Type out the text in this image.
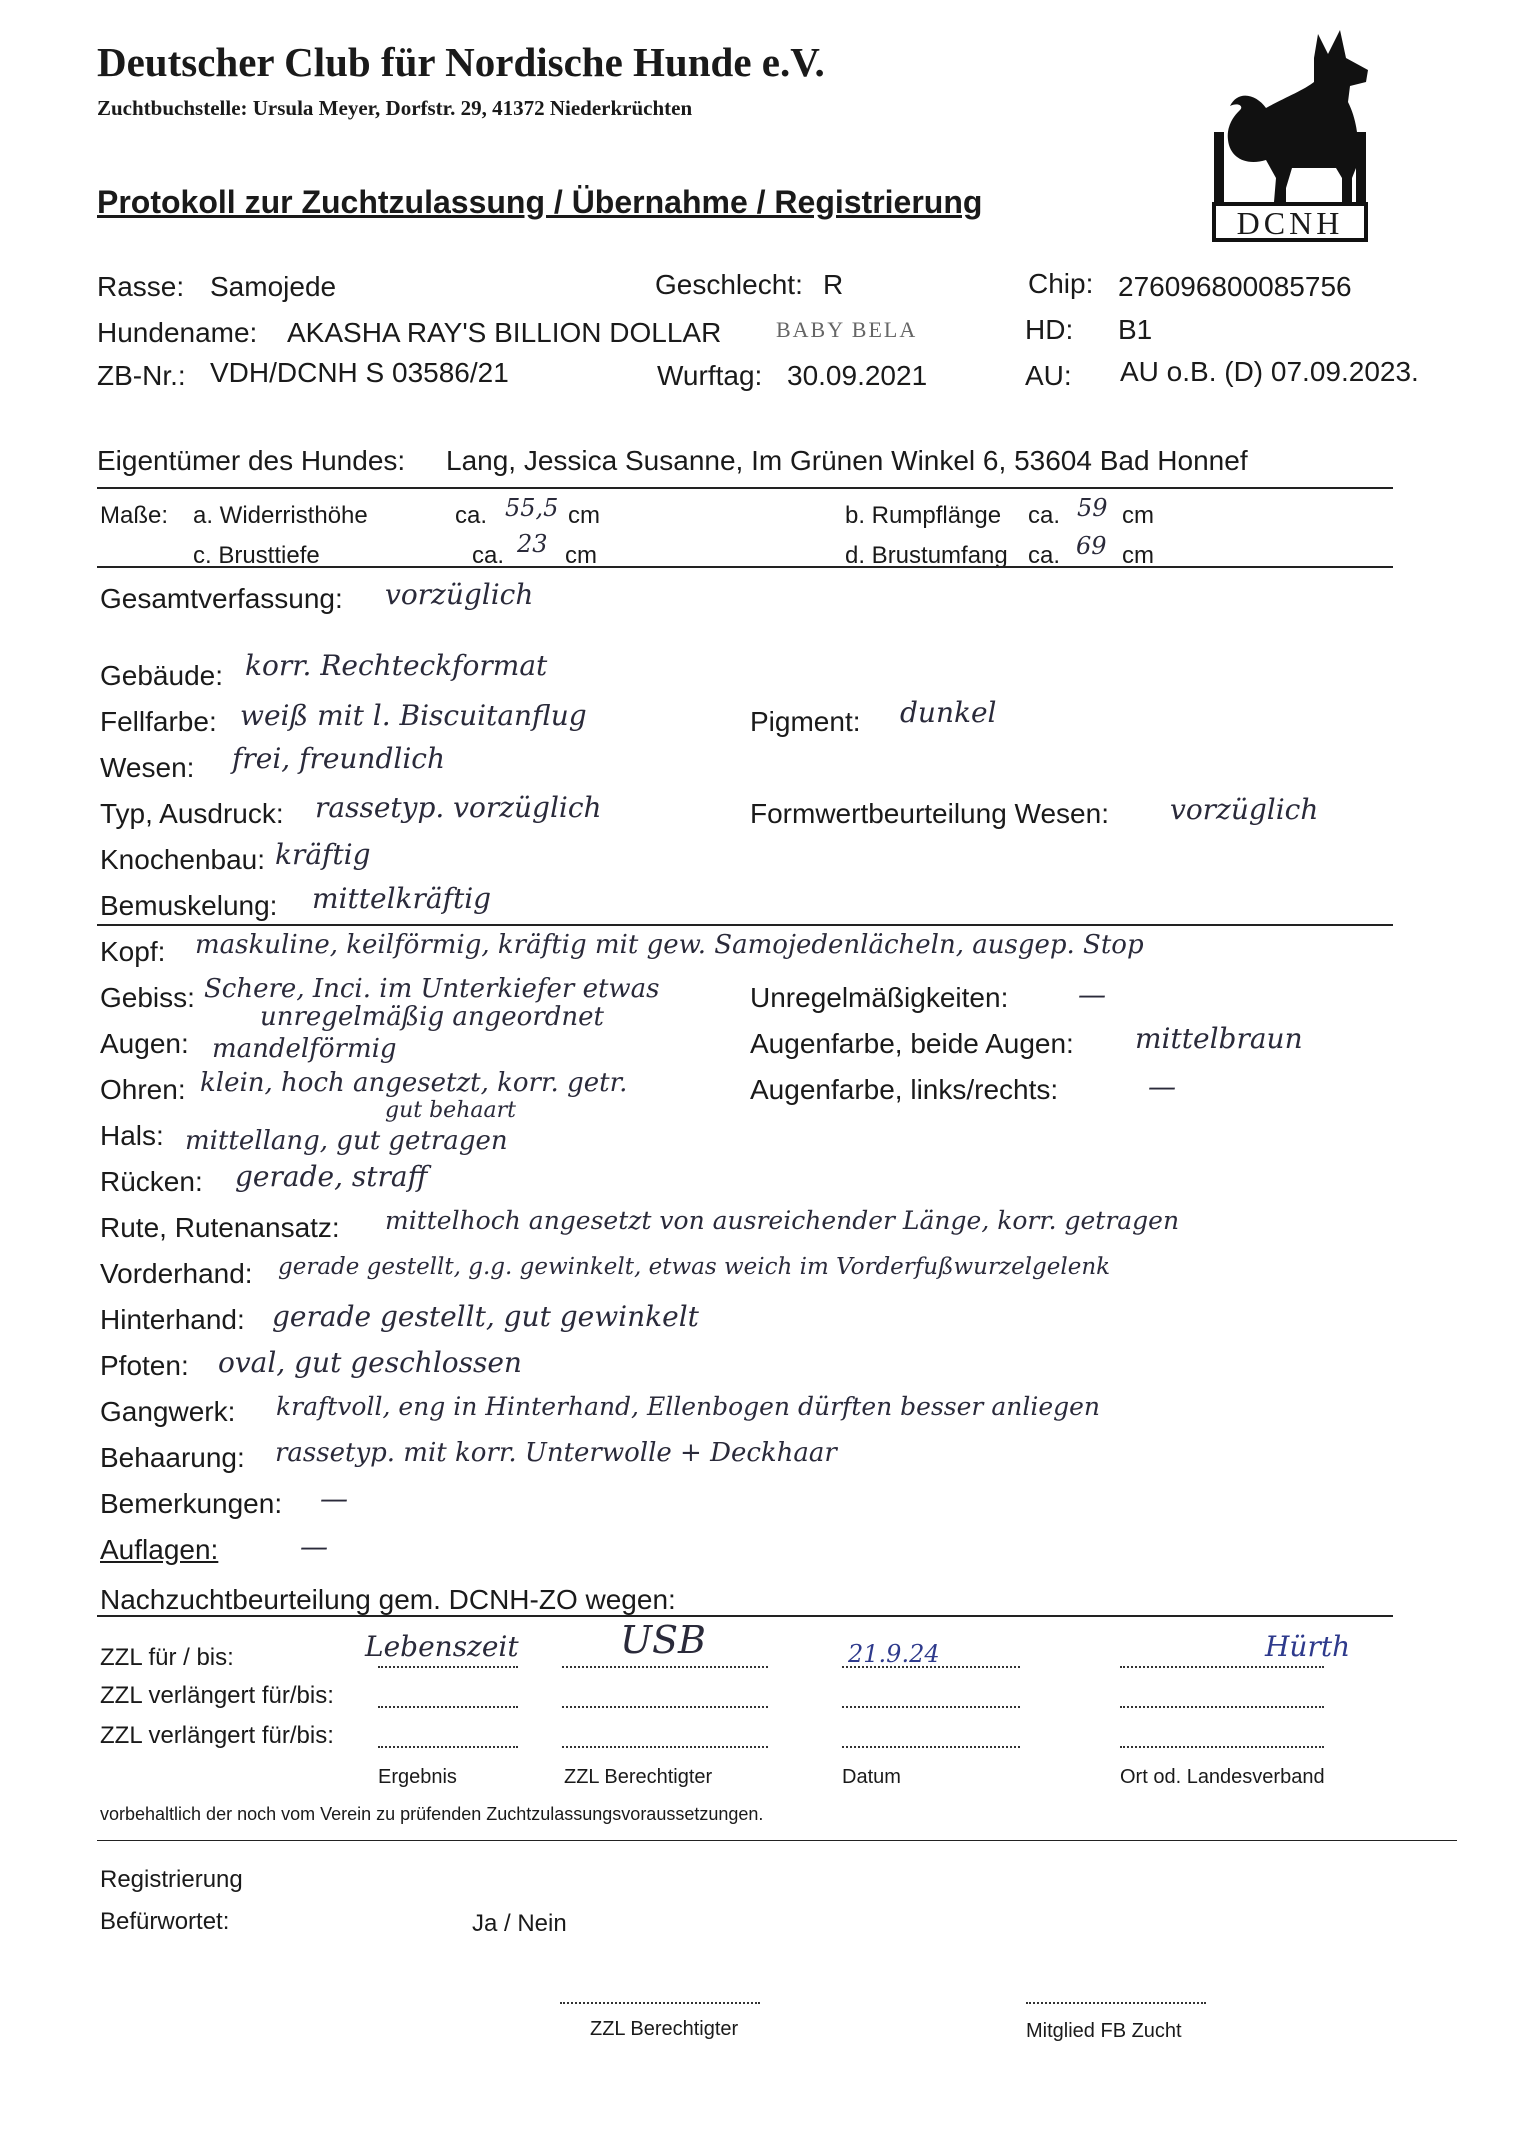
Deutscher Club für Nordische Hunde e.V.
Zuchtbuchstelle: Ursula Meyer, Dorfstr. 29, 41372 Niederkrüchten
DCNH
Protokoll zur Zuchtzulassung / Übernahme / Registrierung
Rasse: Samojede	Geschlecht: R	Chip: 276096800085756
Hundename: AKASHA RAY'S BILLION DOLLAR BABY BELA	HD: B1
ZB-Nr.: VDH/DCNH S 03586/21	Wurftag: 30.09.2021	AU: AU o.B. (D) 07.09.2023.
Eigentümer des Hundes: Lang, Jessica Susanne, Im Grünen Winkel 6, 53604 Bad Honnef
Maße: a. Widerristhöhe	ca. 55,5 cm	b. Rumpflänge ca. 59 cm
c. Brusttiefe	ca. 23 cm	d. Brustumfang ca. 69 cm
Gesamtverfassung: vorzüglich
Gebäude: korr. Rechteckformat
Fellfarbe: weiß mit l. Biscuitanflug	Pigment: dunkel
Wesen: frei, freundlich
Typ, Ausdruck: rassetyp. vorzüglich	Formwertbeurteilung Wesen: vorzüglich
Knochenbau: kräftig
Bemuskelung: mittelkräftig
Kopf: maskuline, keilförmig, kräftig mit gew. Samojedenlächeln, ausgep. Stop
Gebiss: Schere, Inci. im Unterkiefer etwas
unregelmäßig angeordnet
Unregelmäßigkeiten: —
Augen: mandelförmig	Augenfarbe, beide Augen: mittelbraun
Ohren: klein, hoch angesetzt, korr. getr.
gut behaart
Augenfarbe, links/rechts:	—
Hals: mittellang, gut getragen
Rücken: gerade, straff
Rute, Rutenansatz: mittelhoch angesetzt von ausreichender Länge, korr. getragen
Vorderhand: gerade gestellt, g.g. gewinkelt, etwas weich im Vorderfußwurzelgelenk
Hinterhand: gerade gestellt, gut gewinkelt
Pfoten: oval, gut geschlossen
Gangwerk: kraftvoll, eng in Hinterhand, Ellenbogen dürften besser anliegen
Behaarung: rassetyp. mit korr. Unterwolle + Deckhaar
Bemerkungen: —
Auflagen:	—
Nachzuchtbeurteilung gem. DCNH-ZO wegen:
ZZL für / bis:	Lebenszeit	USB	21.9.24	Hürth
ZZL verlängert für/bis:
ZZL verlängert für/bis:
Ergebnis	ZZL Berechtigter	Datum	Ort od. Landesverband
vorbehaltlich der noch vom Verein zu prüfenden Zuchtzulassungsvoraussetzungen.
Registrierung
Befürwortet:	Ja / Nein
ZZL Berechtigter	Mitglied FB Zucht
